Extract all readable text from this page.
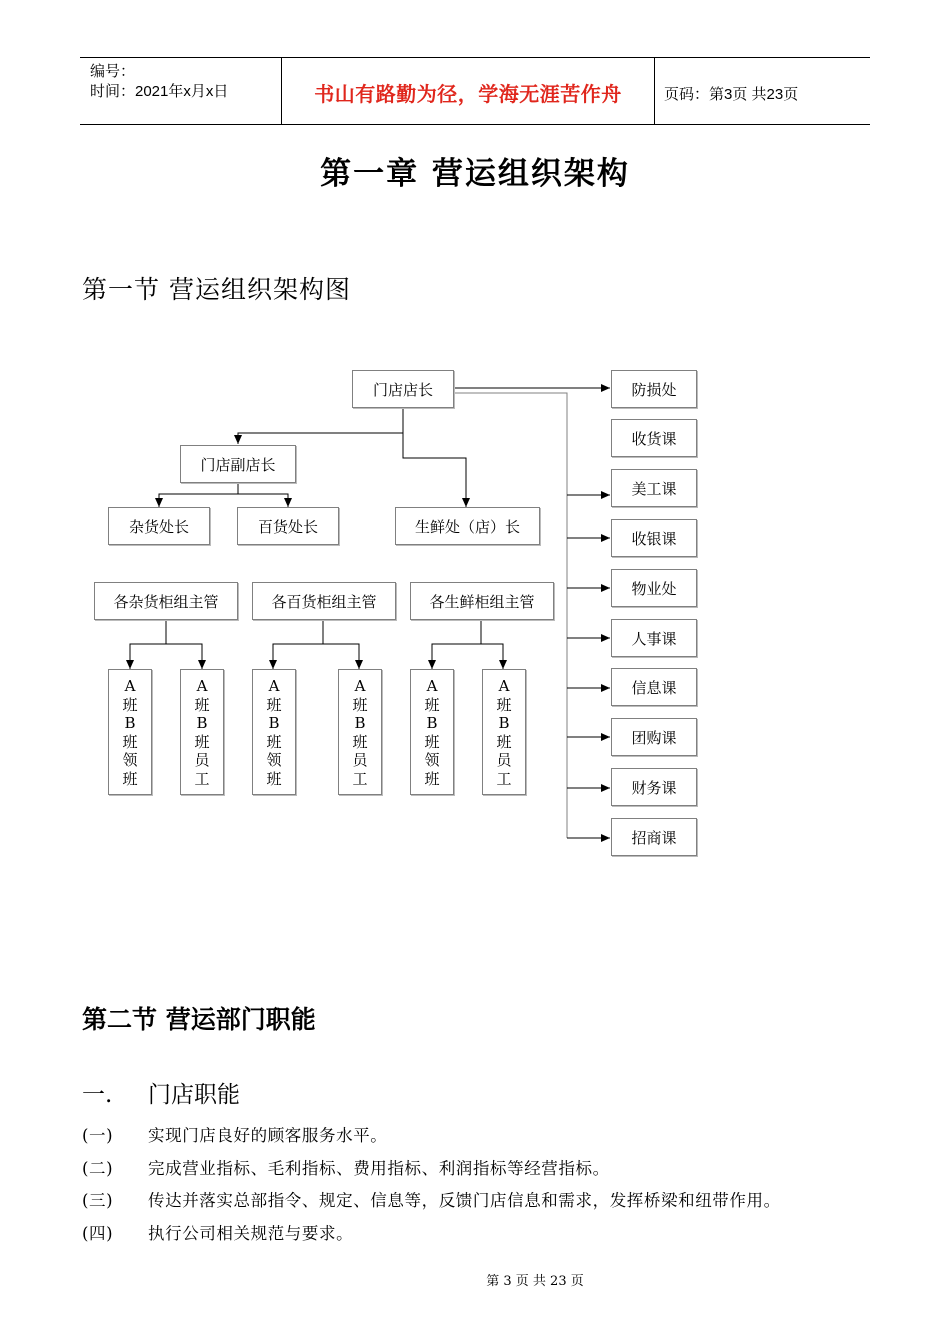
编号：
时间：2021年x月x日	书山有路勤为径，学海无涯苦作舟	页码：第3页 共23页
第一章 营运组织架构
第一节 营运组织架构图
门店店长
门店副店长
杂货处长	百货处长	生鲜处（店）长
各杂货柜组主管	各百货柜组主管	各生鲜柜组主管
A
班
B
班
领
班
A
班
B
班
员
工
A
班
B
班
领
班
A
班
B
班
员
工
A
班
B
班
领
班
A
班
B
班
员
工
防损处
收货课
美工课
收银课
物业处
人事课
信息课
团购课
财务课
招商课
第二节 营运部门职能
一. 门店职能
(一) 实现门店良好的顾客服务水平。
(二) 完成营业指标、毛利指标、费用指标、利润指标等经营指标。
(三) 传达并落实总部指令、规定、信息等，反馈门店信息和需求，发挥桥梁和纽带作用。
(四) 执行公司相关规范与要求。
第 3 页 共 23 页
